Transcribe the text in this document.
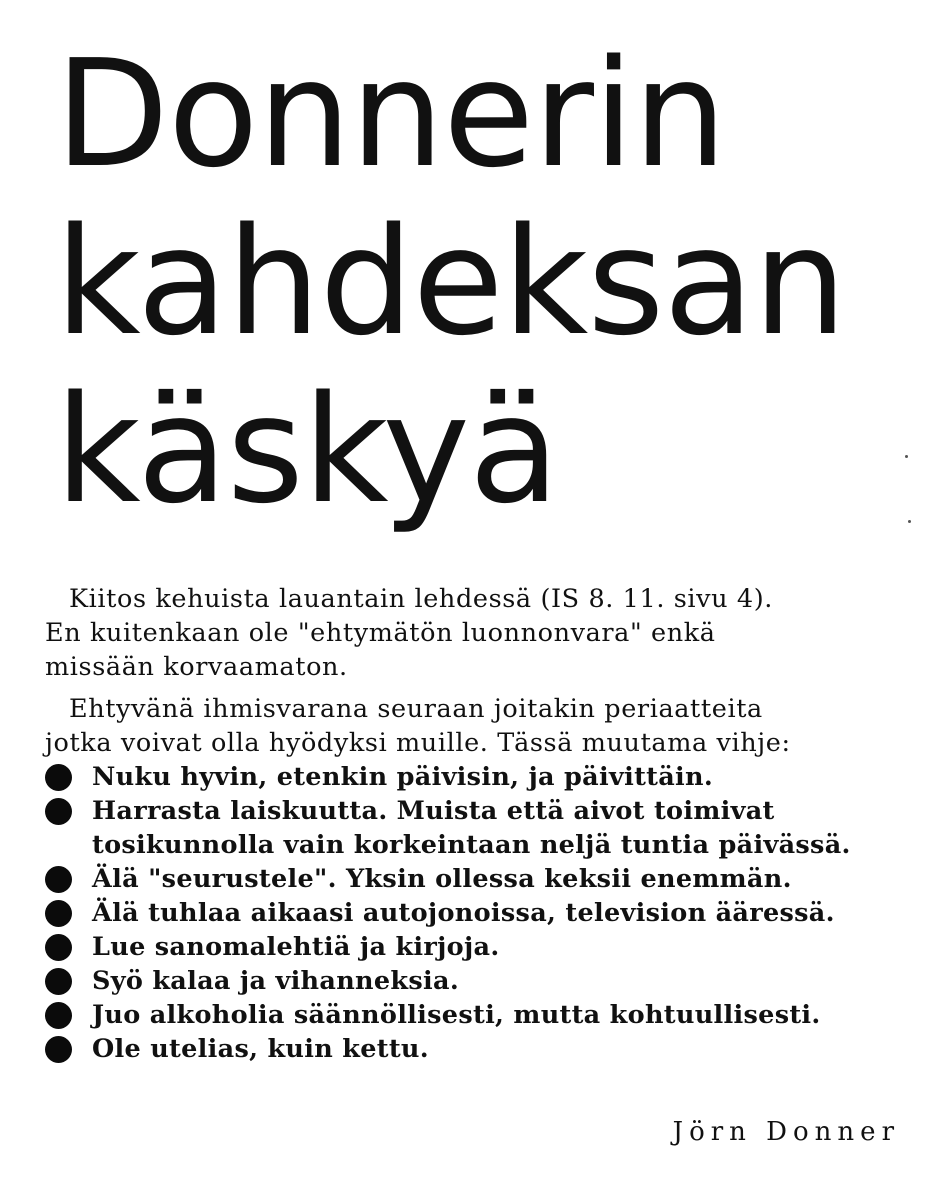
Donnerin
kahdeksan
käskyä
Kiitos kehuista lauantain lehdessä (IS 8. 11. sivu 4).
En kuitenkaan ole "ehtymätön luonnonvara" enkä
missään korvaamaton.
Ehtyvänä ihmisvarana seuraan joitakin periaatteita
jotka voivat olla hyödyksi muille. Tässä muutama vihje:
Nuku hyvin, etenkin päivisin, ja päivittäin.
Harrasta laiskuutta. Muista että aivot toimivat
tosikunnolla vain korkeintaan neljä tuntia päivässä.
Älä "seurustele". Yksin ollessa keksii enemmän.
Älä tuhlaa aikaasi autojonoissa, television ääressä.
Lue sanomalehtiä ja kirjoja.
Syö kalaa ja vihanneksia.
Juo alkoholia säännöllisesti, mutta kohtuullisesti.
Ole utelias, kuin kettu.
Jörn Donner
